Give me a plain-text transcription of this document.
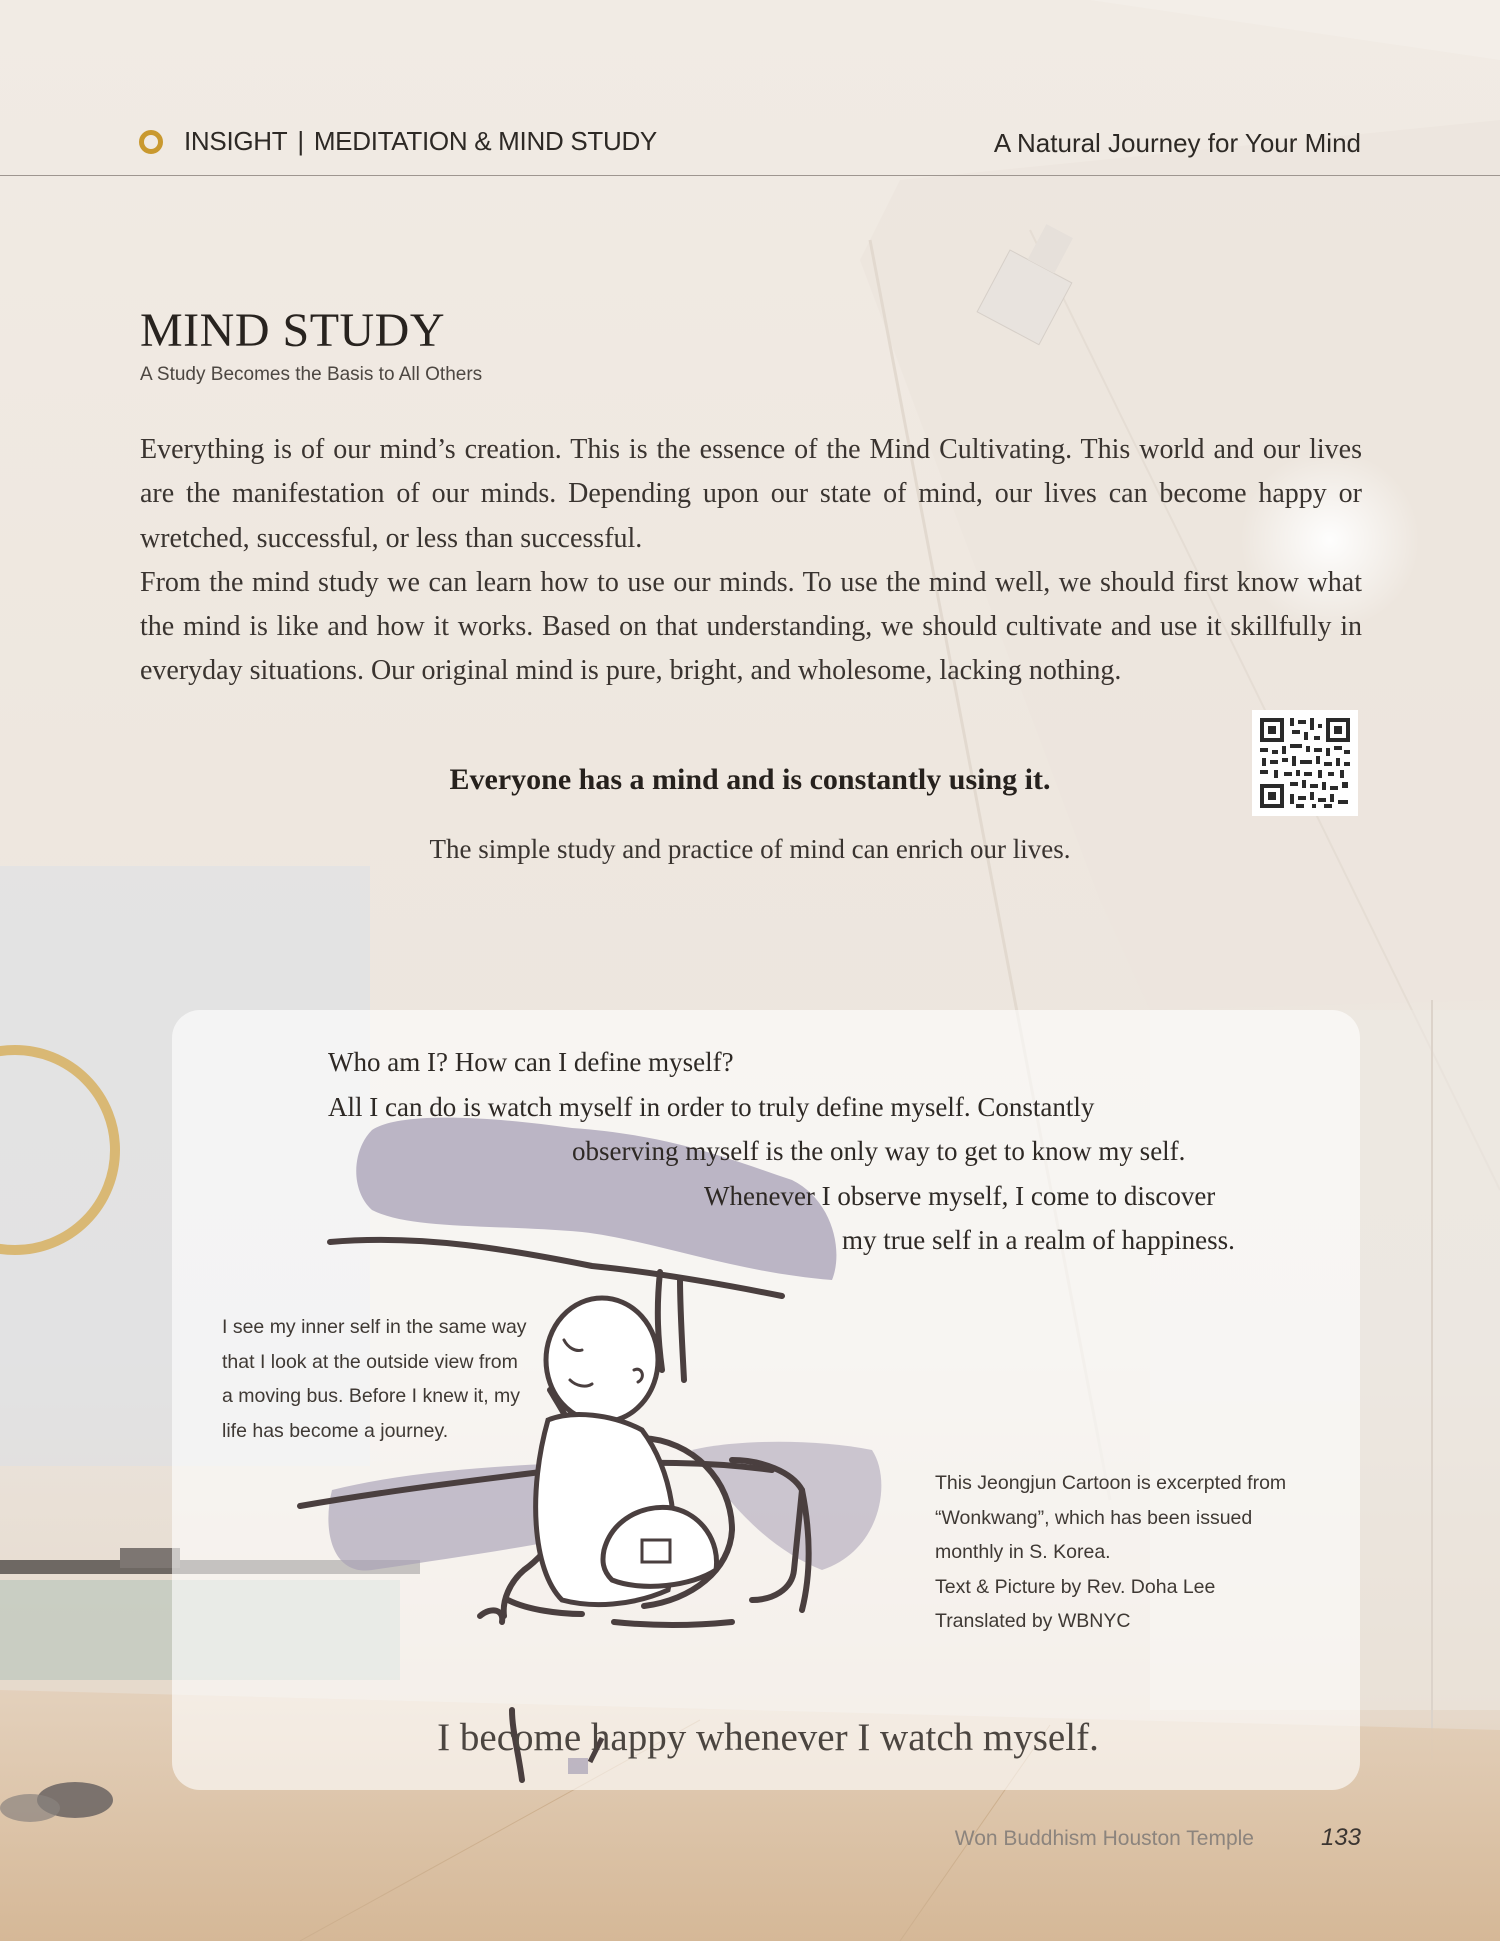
INSIGHT | MEDITATION & MIND STUDY	A Natural Journey for Your Mind
MIND STUDY
A Study Becomes the Basis to All Others

Everything is of our mind’s creation. This is the essence of the Mind Cultivating. This world and our lives are the manifestation of our minds. Depending upon our state of mind, our lives can become happy or wretched, successful, or less than successful.

From the mind study we can learn how to use our minds. To use the mind well, we should first know what the mind is like and how it works. Based on that understanding, we should cultivate and use it skillfully in everyday situations. Our original mind is pure, bright, and wholesome, lacking nothing.

Everyone has a mind and is constantly using it.
The simple study and practice of mind can enrich our lives.
Who am I? How can I define myself?
All I can do is watch myself in order to truly define myself. Constantly
observing myself is the only way to get to know my self.
Whenever I observe myself, I come to discover
my true self in a realm of happiness.
I see my inner self in the same way
that I look at the outside view from
a moving bus. Before I knew it, my
life has become a journey.
This Jeongjun Cartoon is excerpted from
“Wonkwang”, which has been issued
monthly in S. Korea.
Text & Picture by Rev. Doha Lee
Translated by WBNYC
I become happy whenever I watch myself.
Won Buddhism Houston Temple	133
